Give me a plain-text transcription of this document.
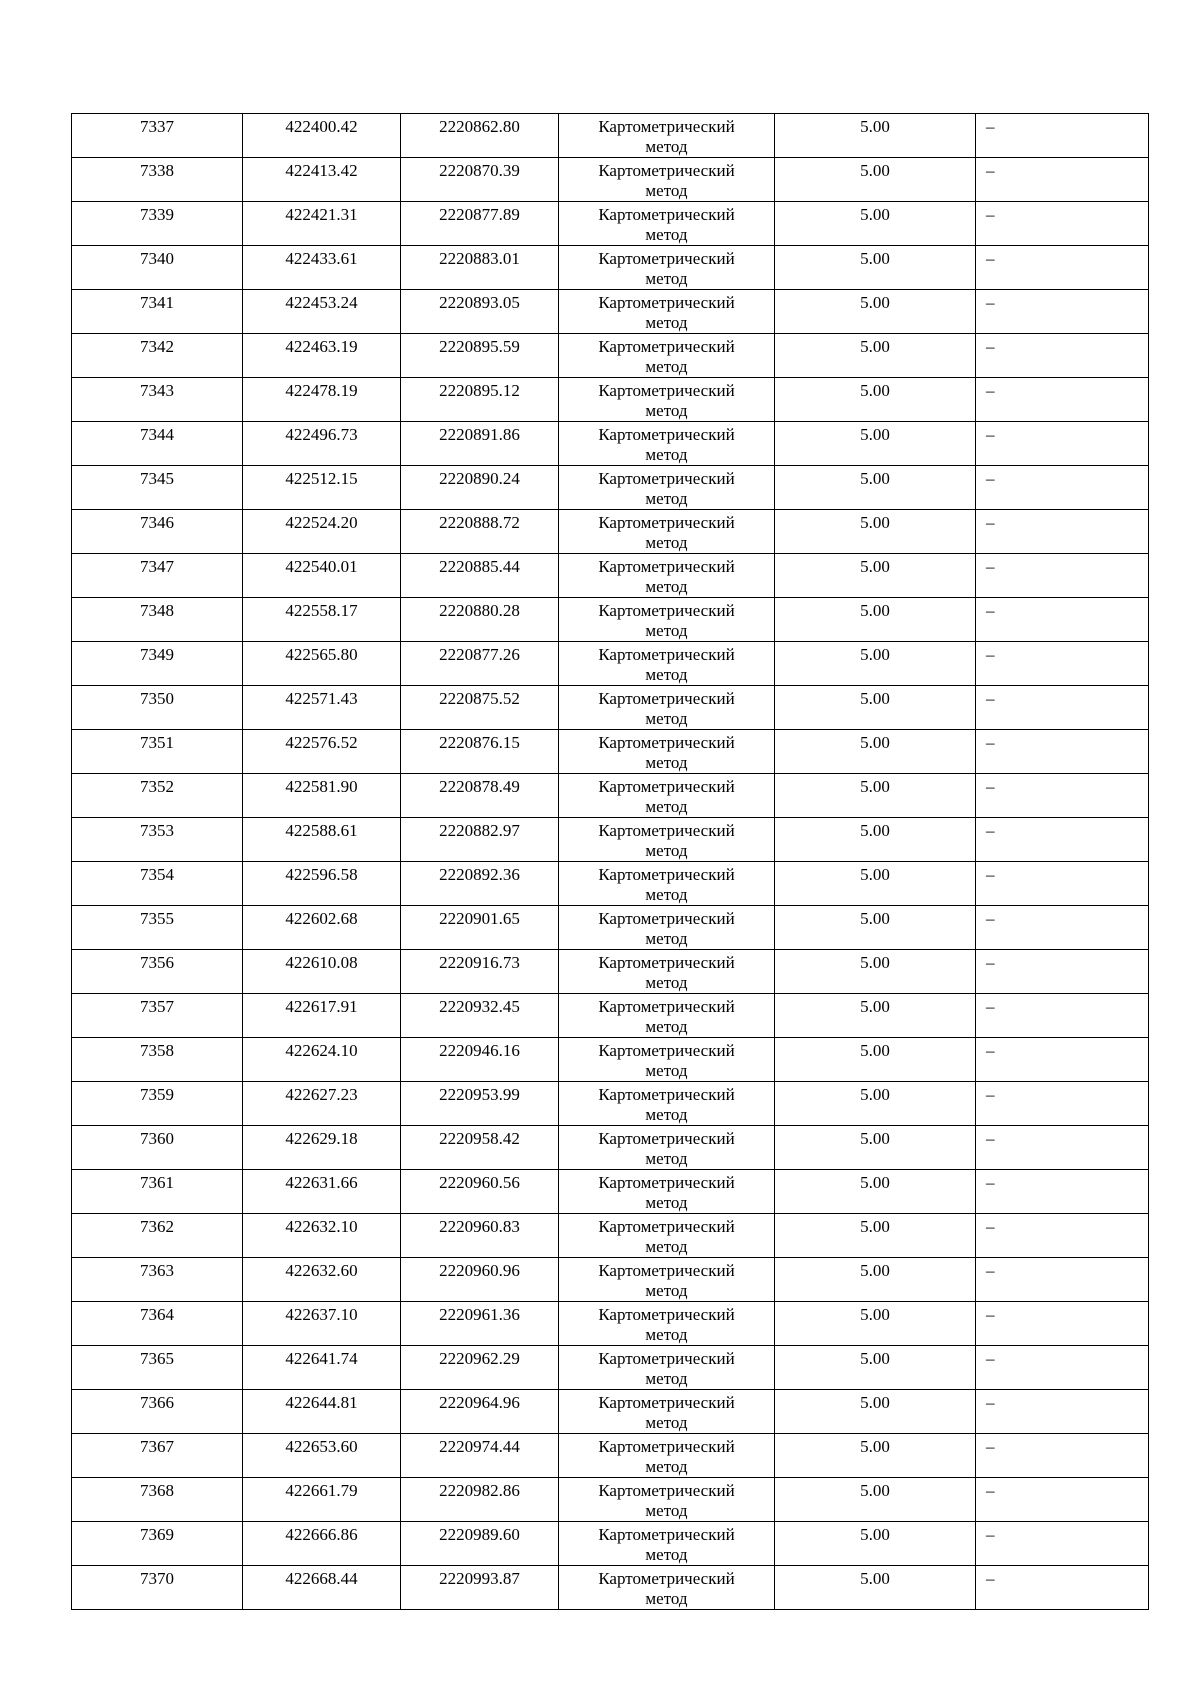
7337	422400.42	2220862.80	Картометрический
метод	5.00	–

7338	422413.42	2220870.39	Картометрический
метод	5.00	–

7339	422421.31	2220877.89	Картометрический
метод	5.00	–

7340	422433.61	2220883.01	Картометрический
метод	5.00	–

7341	422453.24	2220893.05	Картометрический
метод	5.00	–

7342	422463.19	2220895.59	Картометрический
метод	5.00	–

7343	422478.19	2220895.12	Картометрический
метод	5.00	–

7344	422496.73	2220891.86	Картометрический
метод	5.00	–

7345	422512.15	2220890.24	Картометрический
метод	5.00	–

7346	422524.20	2220888.72	Картометрический
метод	5.00	–

7347	422540.01	2220885.44	Картометрический
метод	5.00	–

7348	422558.17	2220880.28	Картометрический
метод	5.00	–

7349	422565.80	2220877.26	Картометрический
метод	5.00	–

7350	422571.43	2220875.52	Картометрический
метод	5.00	–

7351	422576.52	2220876.15	Картометрический
метод	5.00	–

7352	422581.90	2220878.49	Картометрический
метод	5.00	–

7353	422588.61	2220882.97	Картометрический
метод	5.00	–

7354	422596.58	2220892.36	Картометрический
метод	5.00	–

7355	422602.68	2220901.65	Картометрический
метод	5.00	–

7356	422610.08	2220916.73	Картометрический
метод	5.00	–

7357	422617.91	2220932.45	Картометрический
метод	5.00	–

7358	422624.10	2220946.16	Картометрический
метод	5.00	–

7359	422627.23	2220953.99	Картометрический
метод	5.00	–

7360	422629.18	2220958.42	Картометрический
метод	5.00	–

7361	422631.66	2220960.56	Картометрический
метод	5.00	–

7362	422632.10	2220960.83	Картометрический
метод	5.00	–

7363	422632.60	2220960.96	Картометрический
метод	5.00	–

7364	422637.10	2220961.36	Картометрический
метод	5.00	–

7365	422641.74	2220962.29	Картометрический
метод	5.00	–

7366	422644.81	2220964.96	Картометрический
метод	5.00	–

7367	422653.60	2220974.44	Картометрический
метод	5.00	–

7368	422661.79	2220982.86	Картометрический
метод	5.00	–

7369	422666.86	2220989.60	Картометрический
метод	5.00	–

7370	422668.44	2220993.87	Картометрический
метод	5.00	–
